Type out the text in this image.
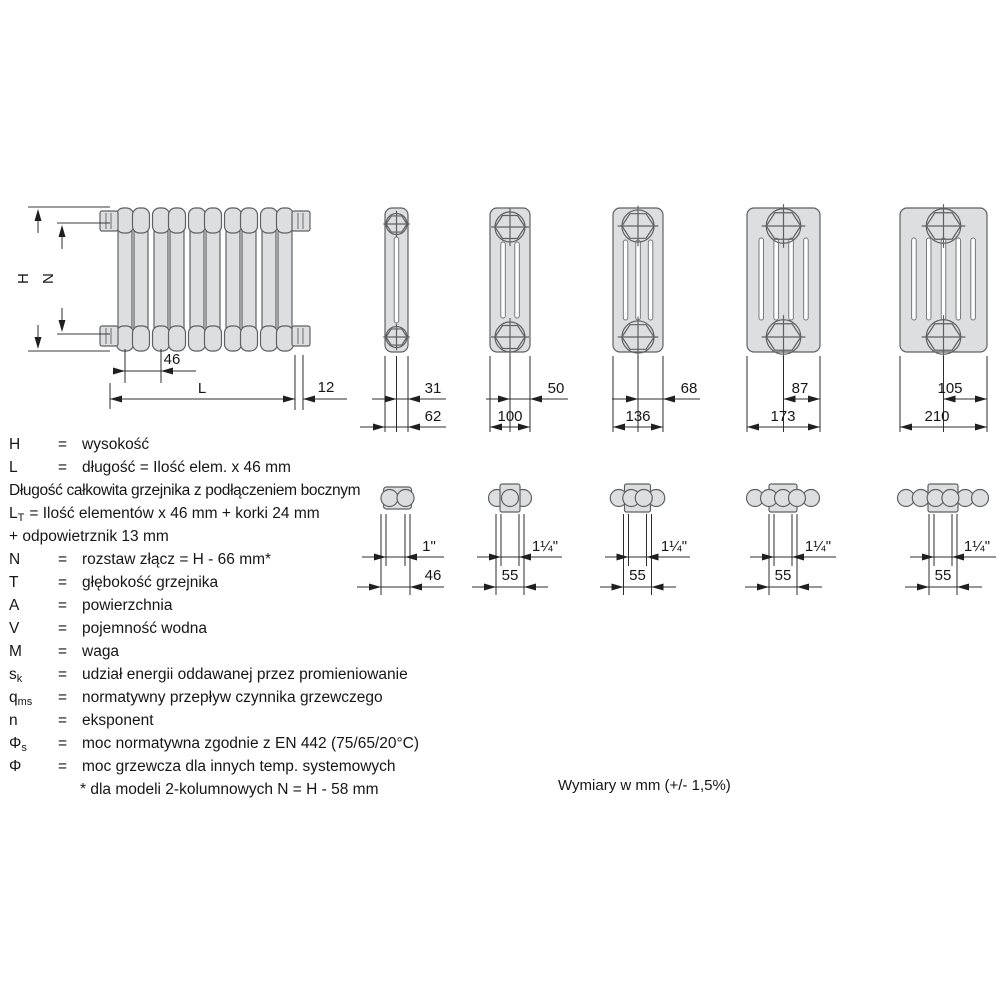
H N
46
L	12	31
62
50
100
68
136
87
173
105
210
1"
46
1¼"
55
1¼"
55
1¼"
55
1¼"
55
H = wysokość
L	= długość = Ilość elem. x 46 mm
Długość całkowita grzejnika z podłączeniem bocznym
$L_T$ = Ilość elementów x 46 mm + korki 24 mm
+ odpowietrznik 13 mm
N = rozstaw złącz = H - 66 mm*
T	= głębokość grzejnika
A = powierzchnia
V = pojemność wodna
M = waga
$s_k$ = udział energii oddawanej przez promieniowanie
$q_{ms}$ = normatywny przepływ czynnika grzewczego
n	= eksponent
$\Phi_s$ = moc normatywna zgodnie z EN 442 (75/65/20°C)
Φ = moc grzewcza dla innych temp. systemowych
* dla modeli 2-kolumnowych N = H - 58 mm	Wymiary w mm (+/- 1,5%)
